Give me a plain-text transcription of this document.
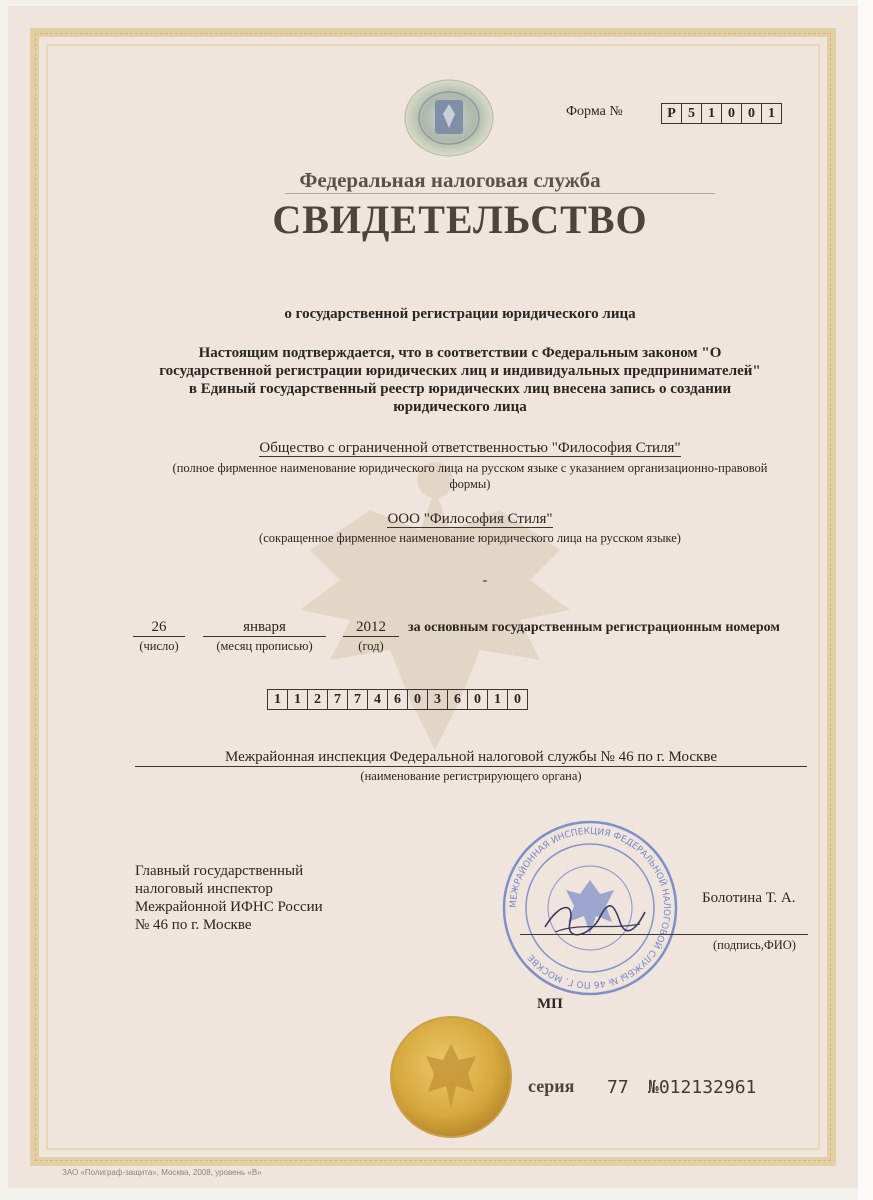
Форма №	Р 5 1 0 0 1
Федеральная налоговая служба
СВИДЕТЕЛЬСТВО
о государственной регистрации юридического лица
Настоящим подтверждается, что в соответствии с Федеральным законом "О
государственной регистрации юридических лиц и индивидуальных предпринимателей"
в Единый государственный реестр юридических лиц внесена запись о создании
юридического лица
Общество с ограниченной ответственностью "Философия Стиля"
(полное фирменное наименование юридического лица на русском языке с указанием организационно-правовой
формы)
ООО "Философия Стиля"
(сокращенное фирменное наименование юридического лица на русском языке)
-
26	января	2012	за основным государственным регистрационным номером
(число)	(месяц прописью)	(год)
1 1 2 7 7 4 6 0 3 6 0 1 0
Межрайонная инспекция Федеральной налоговой службы № 46 по г. Москве
(наименование регистрирующего органа)
Главный государственный
налоговый инспектор
Межрайонной ИФНС России
№ 46 по г. Москве
МЕЖРАЙОННАЯ ИНСПЕКЦИЯ ФЕДЕРАЛЬНОЙ НАЛОГОВОЙ СЛУЖБЫ № 46 ПО Г. МОСКВЕ
Болотина Т. А.
(подпись,ФИО)
МП
серия 77 №012132961
ЗАО «Полиграф-защита», Москва, 2008, уровень «В»
